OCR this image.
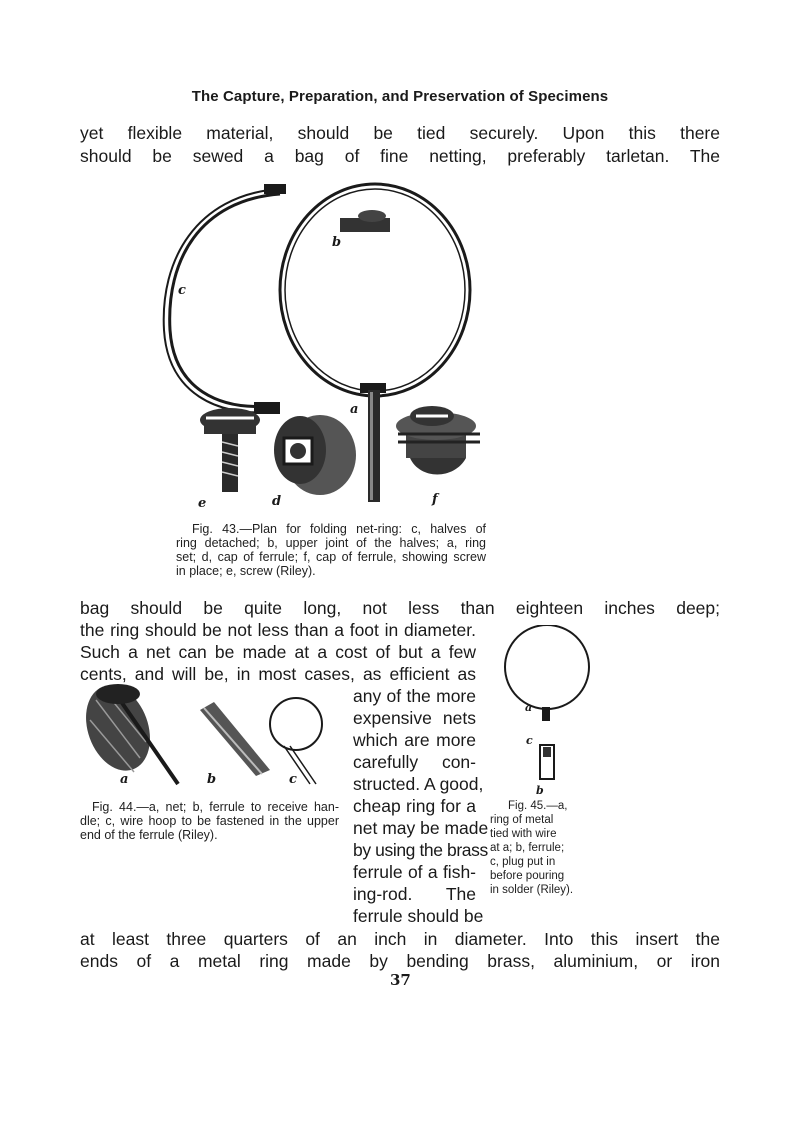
The Capture, Preparation, and Preservation of Specimens
yet flexible material, should be tied securely. Upon this there
should be sewed a bag of fine netting, preferably tarletan. The
c
b
a
e	d	f
Fig. 43.—Plan for folding net-ring: c, halves of
ring detached; b, upper joint of the halves; a, ring
set; d, cap of ferrule; f, cap of ferrule, showing screw
in place; e, screw (Riley).
bag should be quite long, not less than eighteen inches deep;
the ring should be not less than a foot in diameter.
Such a net can be made at a cost of but a few
cents, and will be, in most cases, as efficient as
any of the more
expensive nets
which are more
carefully con-
structed. A good,
cheap ring for a
net may be made
by using the brass
ferrule of a fish-
ing-rod. The
ferrule should be
at least three quarters of an inch in diameter. Into this insert the
ends of a metal ring made by bending brass, aluminium, or iron
a	b	c
Fig. 44.—a, net; b, ferrule to receive han-
dle; c, wire hoop to be fastened in the upper
end of the ferrule (Riley).
a
c
b
Fig. 45.—a,
ring of metal
tied with wire
at a; b, ferrule;
c, plug put in
before pouring
in solder (Riley).
37
